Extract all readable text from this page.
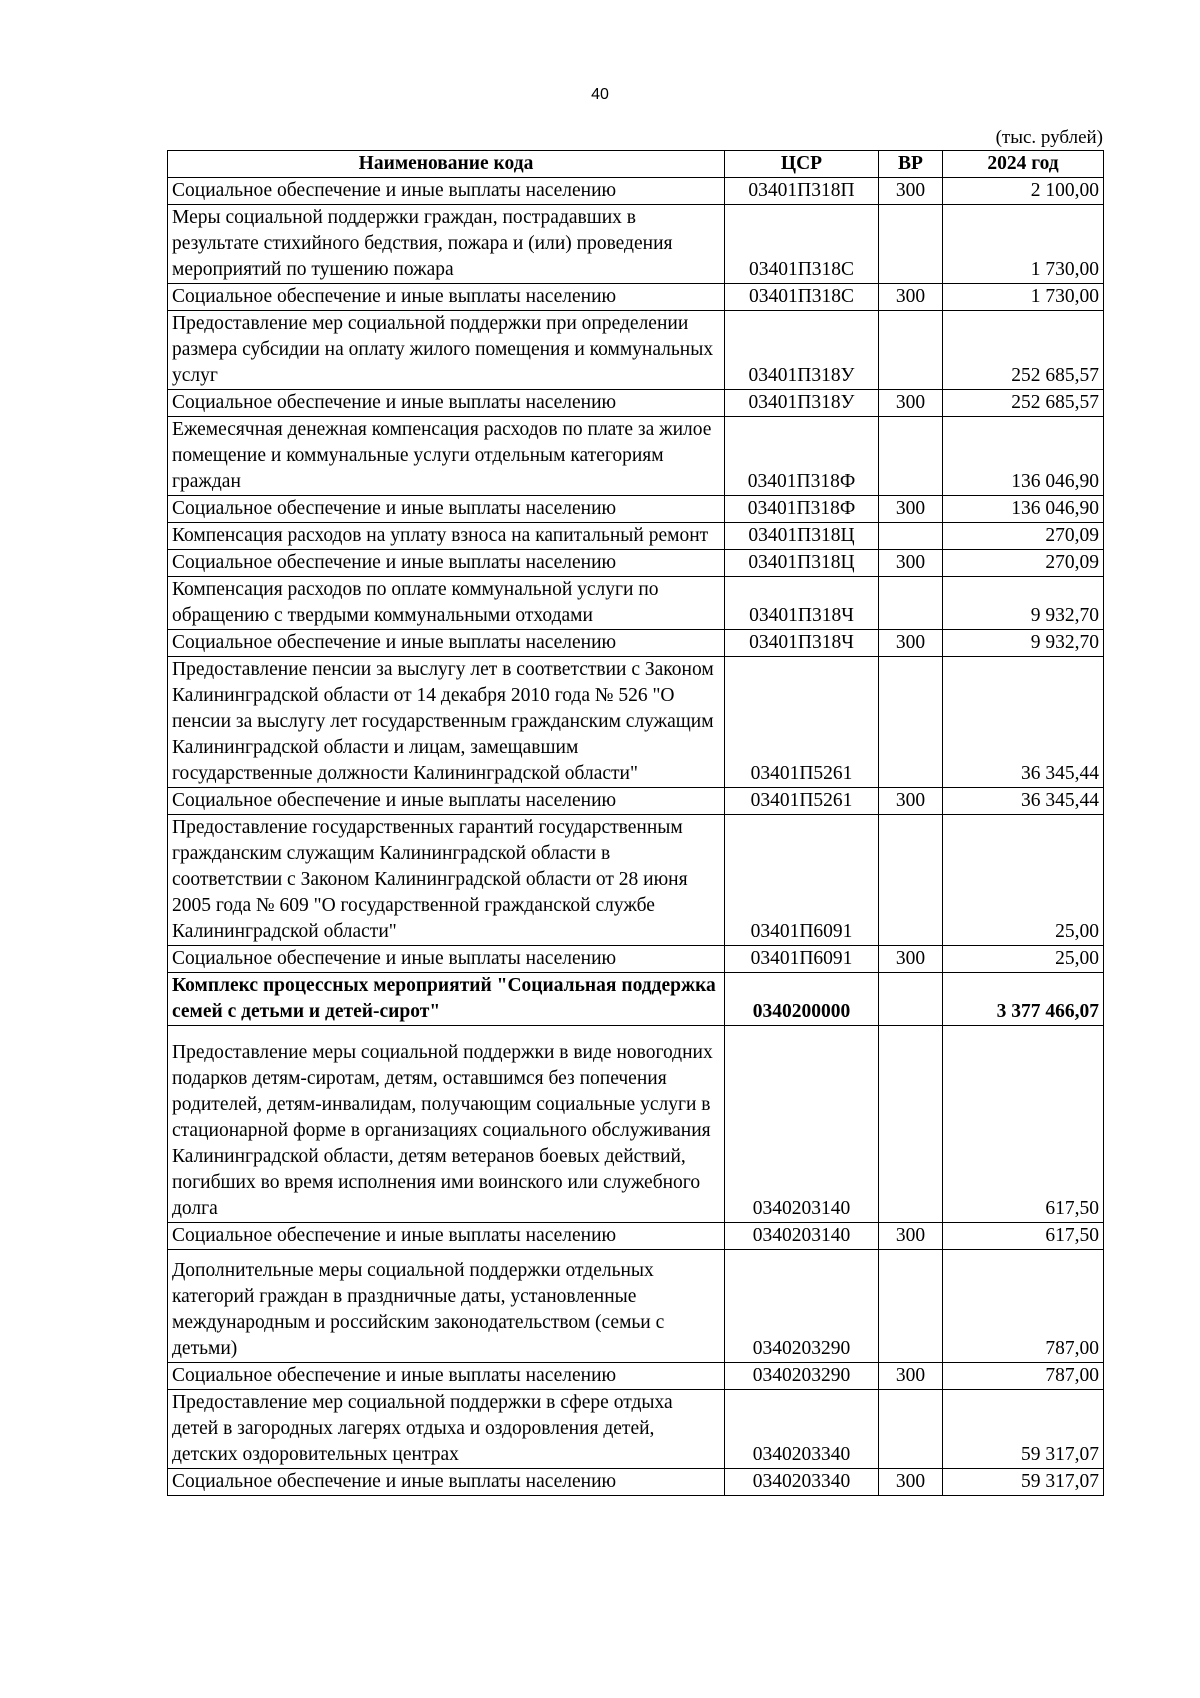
40
(тыс. рублей)
Наименование кода	ЦСР	ВР	2024 год
Социальное обеспечение и иные выплаты населению	03401П318П	300	2 100,00
Меры социальной поддержки граждан, пострадавших в результате стихийного бедствия, пожара и (или) проведения мероприятий по тушению пожара	03401П318С		1 730,00
Социальное обеспечение и иные выплаты населению	03401П318С	300	1 730,00
Предоставление мер социальной поддержки при определении размера субсидии на оплату жилого помещения и коммунальных услуг	03401П318У		252 685,57
Социальное обеспечение и иные выплаты населению	03401П318У	300	252 685,57
Ежемесячная денежная компенсация расходов по плате за жилое помещение и коммунальные услуги отдельным категориям граждан	03401П318Ф		136 046,90
Социальное обеспечение и иные выплаты населению	03401П318Ф	300	136 046,90
Компенсация расходов на уплату взноса на капитальный ремонт	03401П318Ц		270,09
Социальное обеспечение и иные выплаты населению	03401П318Ц	300	270,09
Компенсация расходов по оплате коммунальной услуги по обращению с твердыми коммунальными отходами	03401П318Ч		9 932,70
Социальное обеспечение и иные выплаты населению	03401П318Ч	300	9 932,70
Предоставление пенсии за выслугу лет в соответствии с Законом Калининградской области от 14 декабря 2010 года № 526 "О пенсии за выслугу лет государственным гражданским служащим Калининградской области и лицам, замещавшим государственные должности Калининградской области"	03401П5261		36 345,44
Социальное обеспечение и иные выплаты населению	03401П5261	300	36 345,44
Предоставление государственных гарантий государственным гражданским служащим Калининградской области в соответствии с Законом Калининградской области от 28 июня 2005 года № 609 "О государственной гражданской службе Калининградской области"	03401П6091		25,00
Социальное обеспечение и иные выплаты населению	03401П6091	300	25,00
Комплекс процессных мероприятий "Социальная поддержка семей с детьми и детей-сирот"	0340200000		3 377 466,07
Предоставление меры социальной поддержки в виде новогодних подарков детям-сиротам, детям, оставшимся без попечения родителей, детям-инвалидам, получающим социальные услуги в стационарной форме в организациях социального обслуживания Калининградской области, детям ветеранов боевых действий, погибших во время исполнения ими воинского или служебного долга	0340203140		617,50
Социальное обеспечение и иные выплаты населению	0340203140	300	617,50
Дополнительные меры социальной поддержки отдельных категорий граждан в праздничные даты, установленные международным и российским законодательством (семьи с детьми)	0340203290		787,00
Социальное обеспечение и иные выплаты населению	0340203290	300	787,00
Предоставление мер социальной поддержки в сфере отдыха детей в загородных лагерях отдыха и оздоровления детей, детских оздоровительных центрах	0340203340		59 317,07
Социальное обеспечение и иные выплаты населению	0340203340	300	59 317,07
